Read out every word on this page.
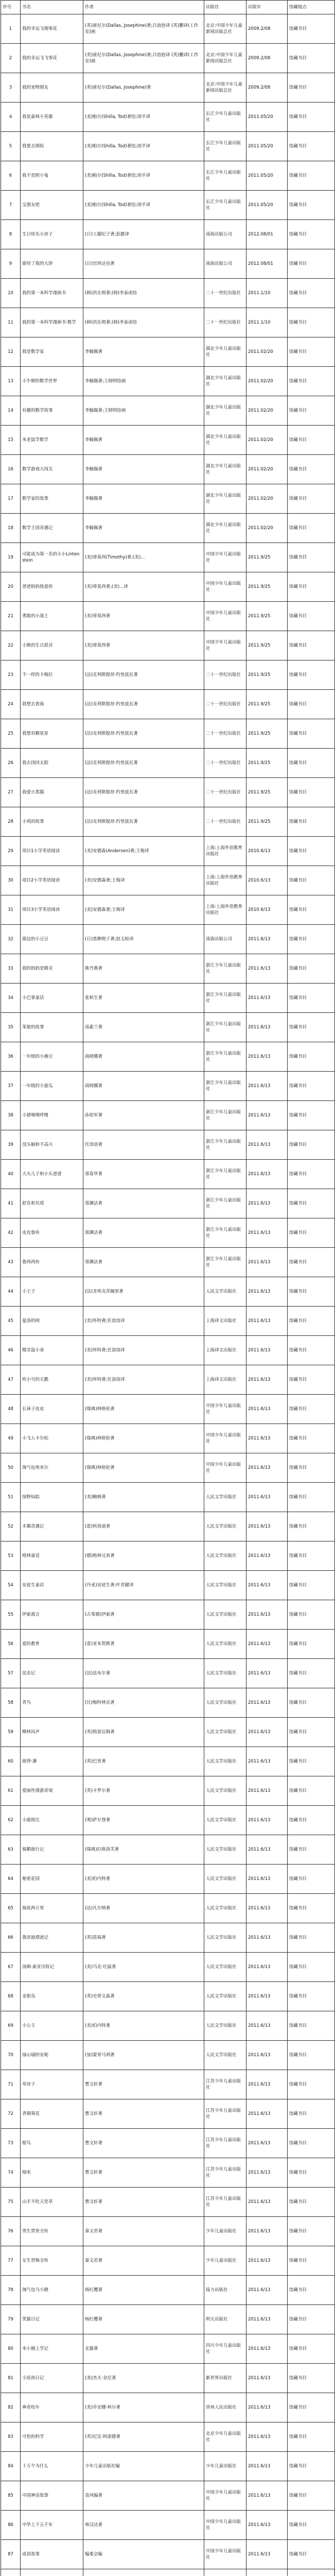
序号	书名	作者	出版社	出版年	馆藏地点
1	我的幸运飞翔零花	(英)唐尼尔(Dallas, Josephine)著;吕泡泡译 (英)鹏译(工作室)画	北京:中国少年儿童新闻出版总社	2009.2/08	馆藏书目
2	我的幸运飞飞零花	(英)唐尼尔(Dallas, Josephine)著;吕泡泡译 (英)鹏译(工作室)画	北京:中国少年儿童新闻出版总社	2009.2/08	馆藏书目
3	我的宠物朋友	(英)唐尼尔(Dallas, Josephine)著	北京:中国少年儿童新闻出版总社	2009.2/08	馆藏书目
4	我是森林小英雄	(美)帕尔(Shilla, Tod)著绘;胡平译	长江少年儿童出版社	2011.05/20	馆藏书目
5	我要去探险	(美)帕尔(Shilla, Tod)著绘;胡平译	长江少年儿童出版社	2011.05/20	馆藏书目
6	我不是胆小鬼	(美)帕尔(Shilla, Tod)著绘;胡平译	长江少年儿童出版社	2011.05/20	馆藏书目
7	交朋友吧	(美)帕尔(Shilla, Tod)著绘;胡平译	长江少年儿童出版社	2011.05/20	馆藏书目
8	生日快乐小房子	(日)工藤纪子著;彭懿译	南海出版公司	2012.08/01	馆藏书目
9	谁咬了我的大饼	(日)宫西达也著	南海出版公司	2012.08/01	馆藏书目
10	我的第一本科学漫画书	(韩)洪在彻著;(韩)李泰虎绘	二十一世纪出版社	2011.1/10	馆藏书目
11	我的第一本科学漫画书·数学	(韩)洪在彻著;(韩)李泰虎绘	二十一世纪出版社	2011.1/10	馆藏书目
12	我是数学家	李毓佩著	湖北少年儿童出版社	2011.02/20	馆藏书目
13	小牛顿的数学世界	李毓佩著;王晓明绘画	湖北少年儿童出版社	2011.02/20	馆藏书目
14	有趣的数学故事	李毓佩著;王晓明绘画	湖北少年儿童出版社	2011.02/20	馆藏书目
15	米老鼠学数学	李毓佩著	湖北少年儿童出版社	2011.02/20	馆藏书目
16	数学游戏大闯关	李毓佩著	湖北少年儿童出版社	2011.02/20	馆藏书目
17	数学家的故事	李毓佩著	湖北少年儿童出版社	2011.02/20	馆藏书目
18	数学王国奇遇记	李毓佩著	湖北少年儿童出版社	2011.02/20	馆藏书目
19	可能成为第一名的小小Lintenstein	(美)蒂莫西(Timothy)著;(美)...	中国少年儿童出版社	2011.9/25	馆藏书目
20	爸爸妈妈我爱你	(美)蒂莫西著;(美)...译	中国少年儿童出版社	2011.9/25	馆藏书目
21	勇敢的小战士	(美)蒂莫西著	中国少年儿童出版社	2011.9/25	馆藏书目
22	小熊的生日派对	(美)蒂莫西著	中国少年儿童出版社	2011.9/25	馆藏书目
23	不一样的卡梅拉	(法)克利斯提昂·约里波瓦著	二十一世纪出版社	2011.9/25	馆藏书目
24	我想去看海	(法)克利斯提昂·约里波瓦著	二十一世纪出版社	2011.9/25	馆藏书目
25	我想有颗星星	(法)克利斯提昂·约里波瓦著	二十一世纪出版社	2011.9/25	馆藏书目
26	我去找回太阳	(法)克利斯提昂·约里波瓦著	二十一世纪出版社	2011.9/25	馆藏书目
27	我爱小黑猫	(法)克利斯提昂·约里波瓦著	二十一世纪出版社	2011.9/25	馆藏书目
28	小鸡的故事	(法)克利斯提昂·约里波瓦著	二十一世纪出版社	2011.9/25	馆藏书目
29	项目1小学英语阅读	(美)安德森(Andersen)著;王梅译	上海:上海外语教育出版社	2010.6/13	馆藏书目
30	项目2小学英语阅读	(美)安德森著;王梅译	上海:上海外语教育出版社	2010.6/13	馆藏书目
31	项目3小学英语阅读	(美)安德森著;王梅译	上海:上海外语教育出版社	2010.6/13	馆藏书目
32	窗边的小豆豆	(日)黑柳彻子著;赵玉皎译	南海出版公司	2011.6/13	馆藏书目
33	我的妈妈是精灵	陈丹燕著	浙江少年儿童出版社	2011.6/13	馆藏书目
34	小巴掌童话	张秋生著	浙江少年儿童出版社	2011.6/13	馆藏书目
35	笨狼的故事	汤素兰著	浙江少年儿童出版社	2011.6/13	馆藏书目
36	一年级的小豌豆	商晓娜著	浙江少年儿童出版社	2011.6/13	馆藏书目
37	一年级的小蜜瓜	商晓娜著	浙江少年儿童出版社	2011.6/13	馆藏书目
38	小猪唏哩呼噜	孙幼军著	浙江少年儿童出版社	2011.6/13	馆藏书目
39	没头脑和不高兴	任溶溶著	浙江少年儿童出版社	2011.6/13	馆藏书目
40	大头儿子和小头爸爸	郑春华著	浙江少年儿童出版社	2011.6/13	馆藏书目
41	舒克和贝塔	郑渊洁著	浙江少年儿童出版社	2011.6/13	馆藏书目
42	皮皮鲁传	郑渊洁著	浙江少年儿童出版社	2011.6/13	馆藏书目
43	鲁西西传	郑渊洁著	浙江少年儿童出版社	2011.6/13	馆藏书目
44	小王子	(法)圣埃克苏佩里著	人民文学出版社	2011.6/13	馆藏书目
45	夏洛的网	(美)怀特著;任溶溶译	上海译文出版社	2011.6/13	馆藏书目
46	精灵鼠小弟	(美)怀特著;任溶溶译	上海译文出版社	2011.6/13	馆藏书目
47	吹小号的天鹅	(美)怀特著;任溶溶译	上海译文出版社	2011.6/13	馆藏书目
48	长袜子皮皮	(瑞典)林格伦著	中国少年儿童出版社	2011.6/13	馆藏书目
49	小飞人卡尔松	(瑞典)林格伦著	中国少年儿童出版社	2011.6/13	馆藏书目
50	淘气包埃米尔	(瑞典)林格伦著	中国少年儿童出版社	2011.6/13	馆藏书目
51	绿野仙踪	(美)鲍姆著	人民文学出版社	2011.6/13	馆藏书目
52	木偶奇遇记	(意)科洛迪著	人民文学出版社	2011.6/13	馆藏书目
53	格林童话	(德)格林兄弟著	人民文学出版社	2011.6/13	馆藏书目
54	安徒生童话	(丹麦)安徒生著;叶君健译	人民文学出版社	2011.6/13	馆藏书目
55	伊索寓言	(古希腊)伊索著	人民文学出版社	2011.6/13	馆藏书目
56	爱的教育	(意)亚米契斯著	人民文学出版社	2011.6/13	馆藏书目
57	昆虫记	(法)法布尔著	人民文学出版社	2011.6/13	馆藏书目
58	青鸟	(比)梅特林克著	人民文学出版社	2011.6/13	馆藏书目
59	柳林风声	(英)格雷厄姆著	人民文学出版社	2011.6/13	馆藏书目
60	彼得·潘	(英)巴里著	人民文学出版社	2011.6/13	馆藏书目
61	爱丽丝漫游奇境	(英)卡罗尔著	人民文学出版社	2011.6/13	馆藏书目
62	小鹿斑比	(奥)萨尔登著	人民文学出版社	2011.6/13	馆藏书目
63	骑鹅旅行记	(瑞典)拉格洛芙著	人民文学出版社	2011.6/13	馆藏书目
64	秘密花园	(美)伯内特著	人民文学出版社	2011.6/13	馆藏书目
65	海底两万里	(法)凡尔纳著	人民文学出版社	2011.6/13	馆藏书目
66	鲁滨逊漂流记	(英)笛福著	人民文学出版社	2011.6/13	馆藏书目
67	汤姆·索亚历险记	(美)马克·吐温著	人民文学出版社	2011.6/13	馆藏书目
68	金银岛	(英)史蒂文森著	人民文学出版社	2011.6/13	馆藏书目
69	小公主	(美)伯内特著	人民文学出版社	2011.6/13	馆藏书目
70	绿山墙的安妮	(加)蒙哥马利著	人民文学出版社	2011.6/13	馆藏书目
71	草房子	曹文轩著	江苏少年儿童出版社	2011.6/13	馆藏书目
72	青铜葵花	曹文轩著	江苏少年儿童出版社	2011.6/13	馆藏书目
73	根鸟	曹文轩著	江苏少年儿童出版社	2011.6/13	馆藏书目
74	细米	曹文轩著	江苏少年儿童出版社	2011.6/13	馆藏书目
75	山羊不吃天堂草	曹文轩著	江苏少年儿童出版社	2011.6/13	馆藏书目
76	男生贾里全传	秦文君著	少年儿童出版社	2011.6/13	馆藏书目
77	女生贾梅全传	秦文君著	少年儿童出版社	2011.6/13	馆藏书目
78	淘气包马小跳	杨红樱著	接力出版社	2011.6/13	馆藏书目
79	笑猫日记	杨红樱著	明天出版社	2011.6/13	馆藏书目
80	米小圈上学记	北猫著	四川少年儿童出版社	2011.6/13	馆藏书目
81	小屁孩日记	(美)杰夫·金尼著	新世界出版社	2011.6/13	馆藏书目
82	神奇校车	(美)乔安娜·柯尔著	贵州人民出版社	2011.6/13	馆藏书目
83	可怕的科学	(英)尼克·阿诺德著	北京少年儿童出版社	2011.6/13	馆藏书目
84	十万个为什么	少年儿童出版社编	少年儿童出版社	2011.6/13	馆藏书目
85	中国神话故事	袁珂编著	中国少年儿童出版社	2011.6/13	馆藏书目
86	中华上下五千年	林汉达著	中国少年儿童出版社	2011.6/13	馆藏书目
87	成语故事	编委会编	中国少年儿童出版社	2011.6/13	馆藏书目
